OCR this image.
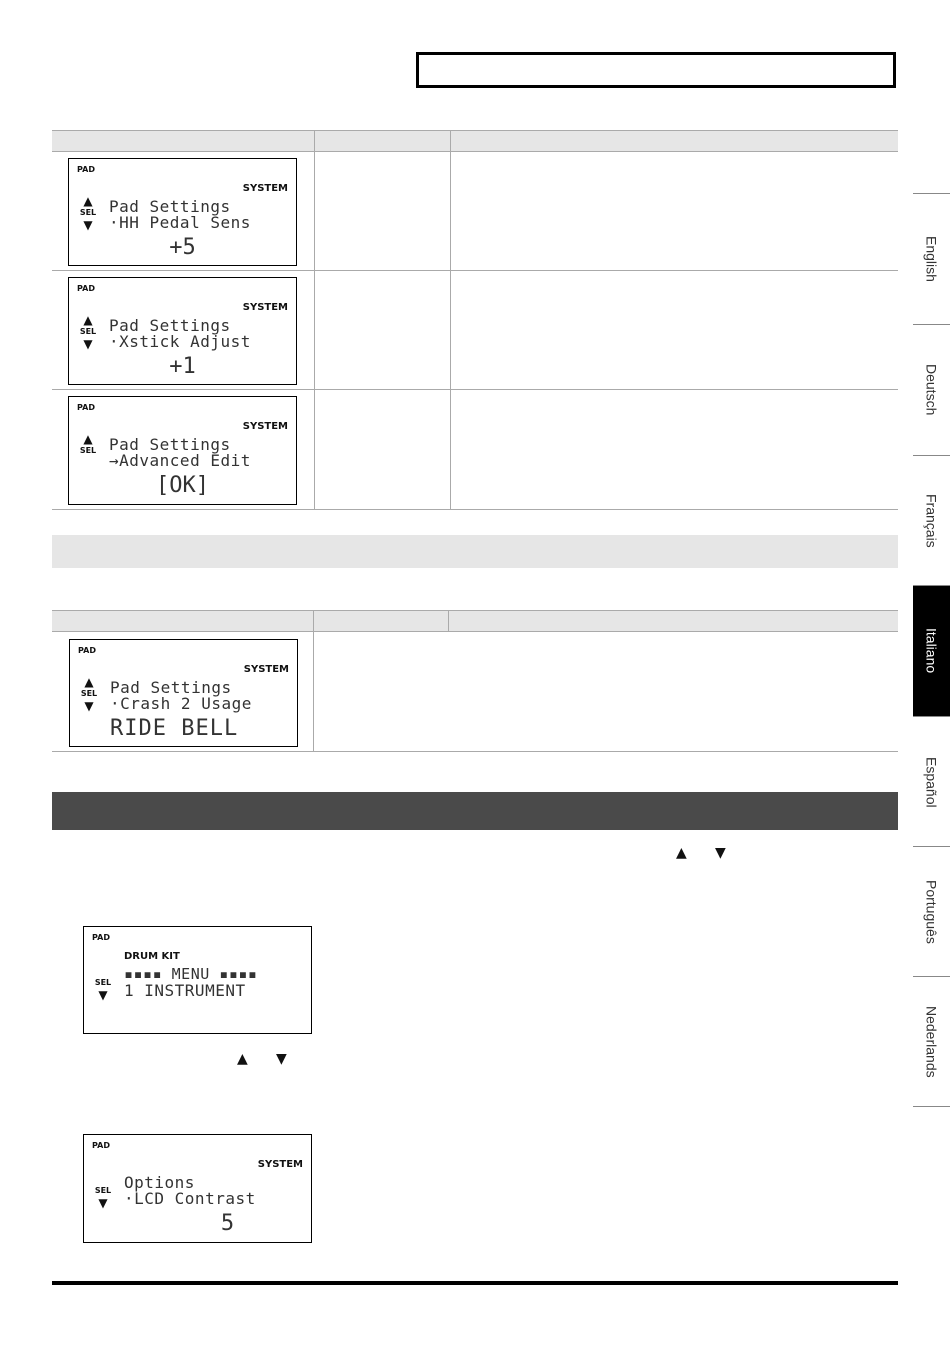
PAD
SYSTEM
▲
SEL
▼
Pad Settings
·HH Pedal Sens
+5
PAD
SYSTEM
▲
SEL
▼
Pad Settings
·Xstick Adjust
+1
PAD
SYSTEM
▲
SEL Pad Settings
→Advanced Edit
[OK]
PAD
SYSTEM
▲
SEL
▼
Pad Settings
·Crash 2 Usage
RIDE BELL
▲ ▼
▲ ▼
PAD
DRUM KIT
SEL
▼
▪▪▪▪ MENU ▪▪▪▪
1 INSTRUMENT
PAD
SYSTEM
SEL
▼
Options
·LCD Contrast
5
English
Deutsch
Français
Italiano
Español
Português
Nederlands
